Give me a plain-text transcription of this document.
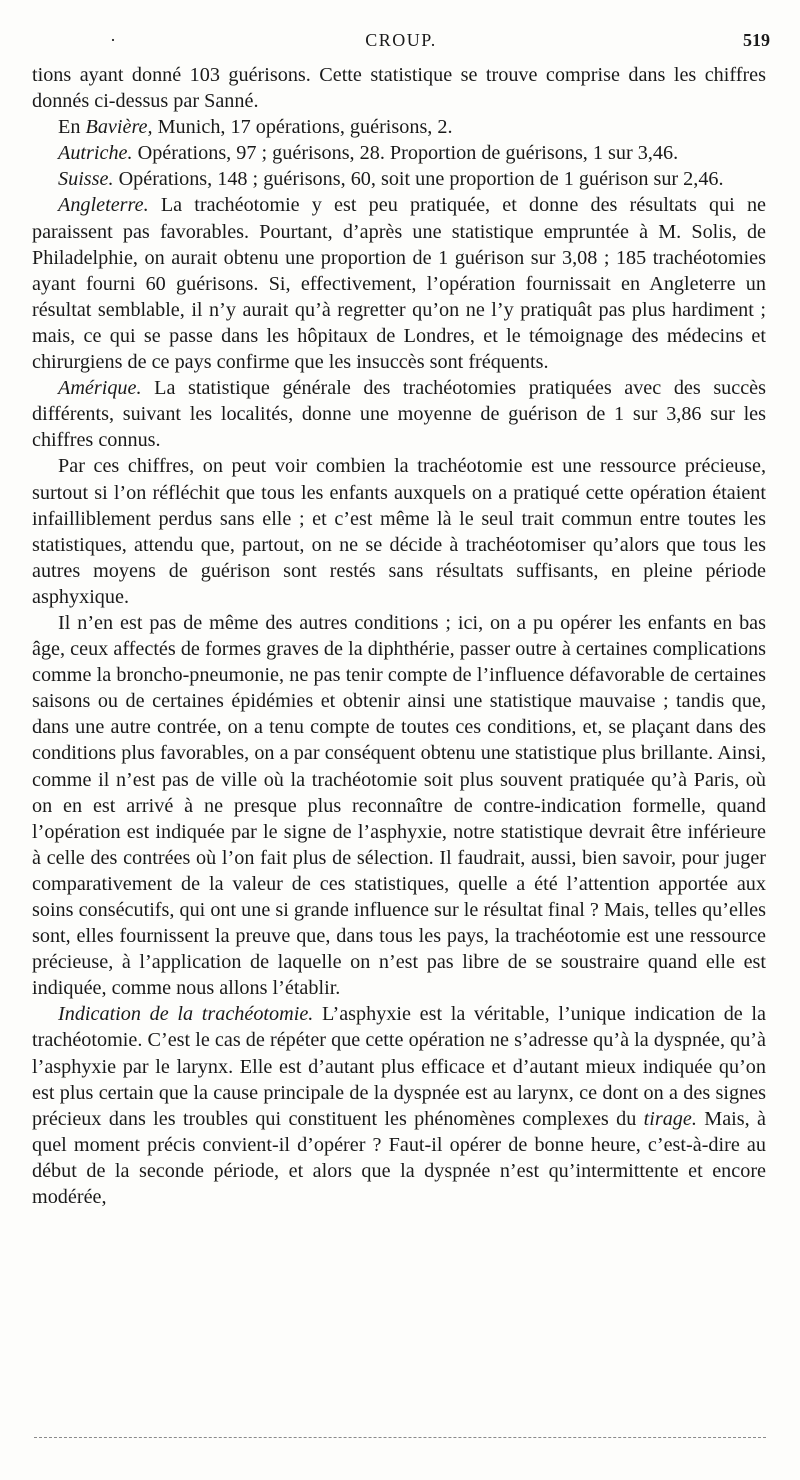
·	CROUP.	519

tions ayant donné 103 guérisons. Cette statistique se trouve comprise dans les chiffres donnés ci-dessus par Sanné.

En Bavière, Munich, 17 opérations, guérisons, 2.

Autriche. Opérations, 97 ; guérisons, 28. Proportion de guérisons, 1 sur 3,46.

Suisse. Opérations, 148 ; guérisons, 60, soit une proportion de 1 guérison sur 2,46.

Angleterre. La trachéotomie y est peu pratiquée, et donne des résultats qui ne paraissent pas favorables. Pourtant, d’après une statistique empruntée à M. Solis, de Philadelphie, on aurait obtenu une proportion de 1 guérison sur 3,08 ; 185 trachéotomies ayant fourni 60 guérisons. Si, effectivement, l’opération fournissait en Angleterre un résultat semblable, il n’y aurait qu’à regretter qu’on ne l’y pratiquât pas plus hardiment ; mais, ce qui se passe dans les hôpitaux de Londres, et le témoignage des médecins et chirurgiens de ce pays confirme que les insuccès sont fréquents.

Amérique. La statistique générale des trachéotomies pratiquées avec des succès différents, suivant les localités, donne une moyenne de guérison de 1 sur 3,86 sur les chiffres connus.

Par ces chiffres, on peut voir combien la trachéotomie est une ressource précieuse, surtout si l’on réfléchit que tous les enfants auxquels on a pratiqué cette opération étaient infailliblement perdus sans elle ; et c’est même là le seul trait commun entre toutes les statistiques, attendu que, partout, on ne se décide à trachéotomiser qu’alors que tous les autres moyens de guérison sont restés sans résultats suffisants, en pleine période asphyxique.

Il n’en est pas de même des autres conditions ; ici, on a pu opérer les enfants en bas âge, ceux affectés de formes graves de la diphthérie, passer outre à certaines complications comme la broncho-pneumonie, ne pas tenir compte de l’influence défavorable de certaines saisons ou de certaines épidémies et obtenir ainsi une statistique mauvaise ; tandis que, dans une autre contrée, on a tenu compte de toutes ces conditions, et, se plaçant dans des conditions plus favorables, on a par conséquent obtenu une statistique plus brillante. Ainsi, comme il n’est pas de ville où la trachéotomie soit plus souvent pratiquée qu’à Paris, où on en est arrivé à ne presque plus reconnaître de contre-indication formelle, quand l’opération est indiquée par le signe de l’asphyxie, notre statistique devrait être inférieure à celle des contrées où l’on fait plus de sélection. Il faudrait, aussi, bien savoir, pour juger comparativement de la valeur de ces statistiques, quelle a été l’attention apportée aux soins consécutifs, qui ont une si grande influence sur le résultat final ? Mais, telles qu’elles sont, elles fournissent la preuve que, dans tous les pays, la trachéotomie est une ressource précieuse, à l’application de laquelle on n’est pas libre de se soustraire quand elle est indiquée, comme nous allons l’établir.

Indication de la trachéotomie. L’asphyxie est la véritable, l’unique indication de la trachéotomie. C’est le cas de répéter que cette opération ne s’adresse qu’à la dyspnée, qu’à l’asphyxie par le larynx. Elle est d’autant plus efficace et d’autant mieux indiquée qu’on est plus certain que la cause principale de la dyspnée est au larynx, ce dont on a des signes précieux dans les troubles qui constituent les phénomènes complexes du tirage. Mais, à quel moment précis convient-il d’opérer ? Faut-il opérer de bonne heure, c’est-à-dire au début de la seconde période, et alors que la dyspnée n’est qu’intermittente et encore modérée,
